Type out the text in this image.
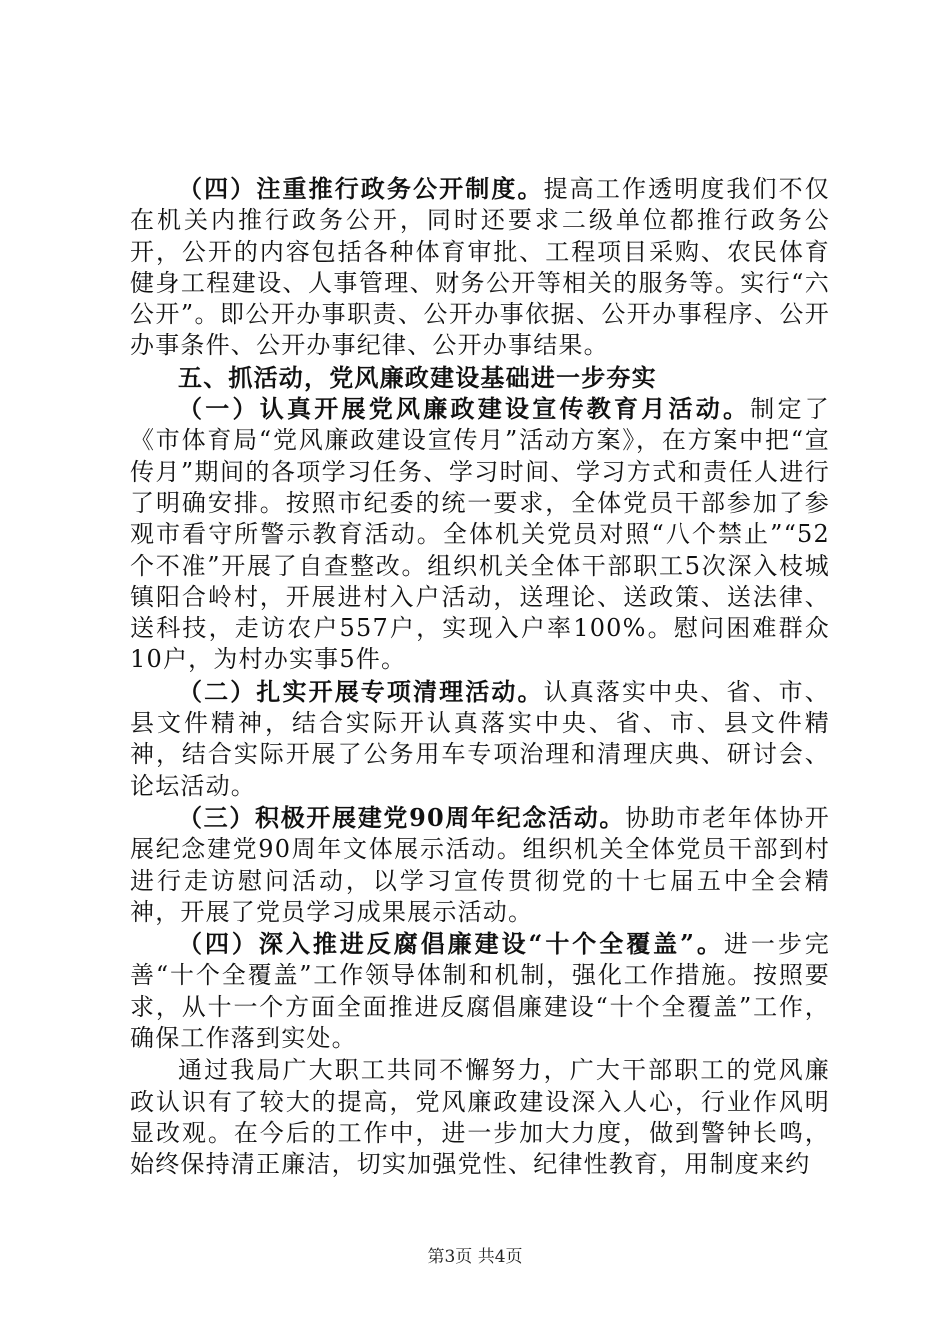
（四）注重推行政务公开制度。提高工作透明度我们不仅在机关内推行政务公开，同时还要求二级单位都推行政务公开，公开的内容包括各种体育审批、工程项目采购、农民体育健身工程建设、人事管理、财务公开等相关的服务等。实行“六公开”。即公开办事职责、公开办事依据、公开办事程序、公开办事条件、公开办事纪律、公开办事结果。

五、抓活动，党风廉政建设基础进一步夯实

（一）认真开展党风廉政建设宣传教育月活动。制定了《市体育局“党风廉政建设宣传月”活动方案》，在方案中把“宣传月”期间的各项学习任务、学习时间、学习方式和责任人进行了明确安排。按照市纪委的统一要求，全体党员干部参加了参观市看守所警示教育活动。全体机关党员对照“八个禁止”“52个不准”开展了自查整改。组织机关全体干部职工5次深入枝城镇阳合岭村，开展进村入户活动，送理论、送政策、送法律、送科技，走访农户557户，实现入户率100%。慰问困难群众10户，为村办实事5件。

（二）扎实开展专项清理活动。认真落实中央、省、市、县文件精神，结合实际开认真落实中央、省、市、县文件精神，结合实际开展了公务用车专项治理和清理庆典、研讨会、论坛活动。

（三）积极开展建党90周年纪念活动。协助市老年体协开展纪念建党90周年文体展示活动。组织机关全体党员干部到村进行走访慰问活动，以学习宣传贯彻党的十七届五中全会精神，开展了党员学习成果展示活动。

（四）深入推进反腐倡廉建设“十个全覆盖”。进一步完善“十个全覆盖”工作领导体制和机制，强化工作措施。按照要求，从十一个方面全面推进反腐倡廉建设“十个全覆盖”工作，确保工作落到实处。

通过我局广大职工共同不懈努力，广大干部职工的党风廉政认识有了较大的提高，党风廉政建设深入人心，行业作风明显改观。在今后的工作中，进一步加大力度，做到警钟长鸣，始终保持清正廉洁，切实加强党性、纪律性教育，用制度来约

第3页 共4页
